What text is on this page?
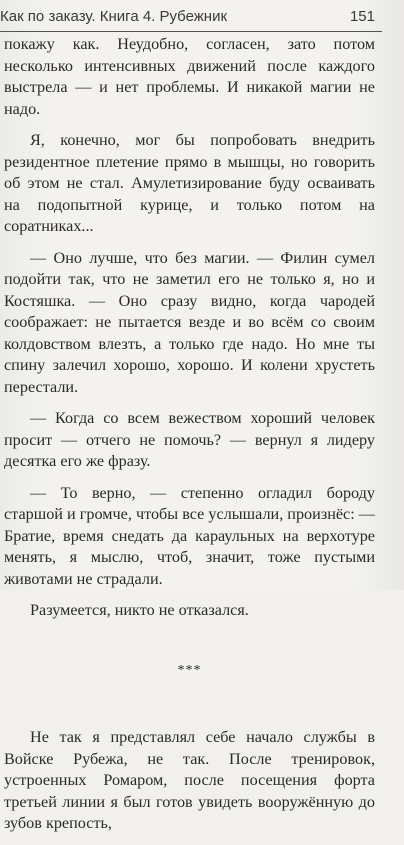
Как по заказу. Книга 4. Рубежник	151

покажу как. Неудобно, согласен, зато потом несколько интенсивных движений после каждого выстрела — и нет проблемы. И никакой магии не надо.

Я, конечно, мог бы попробовать внедрить резидентное плетение прямо в мышцы, но говорить об этом не стал. Амулетизирование буду осваивать на подопытной курице, и только потом на соратниках...

— Оно лучше, что без магии. — Филин сумел подойти так, что не заметил его не только я, но и Костяшка. — Оно сразу видно, когда чародей соображает: не пытается везде и во всём со своим колдовством влезть, а только где надо. Но мне ты спину залечил хорошо, хорошо. И колени хрустеть перестали.

— Когда со всем вежеством хороший человек просит — отчего не помочь? — вернул я лидеру десятка его же фразу.

— То верно, — степенно огладил бороду старшой и громче, чтобы все услышали, произнёс: — Братие, время снедать да караульных на верхотуре менять, я мыслю, чтоб, значит, тоже пустыми животами не страдали.

Разумеется, никто не отказался.

***

Не так я представлял себе начало службы в Войске Рубежа, не так. После тренировок, устроенных Ромаром, после посещения форта третьей линии я был готов увидеть вооружённую до зубов крепость,
